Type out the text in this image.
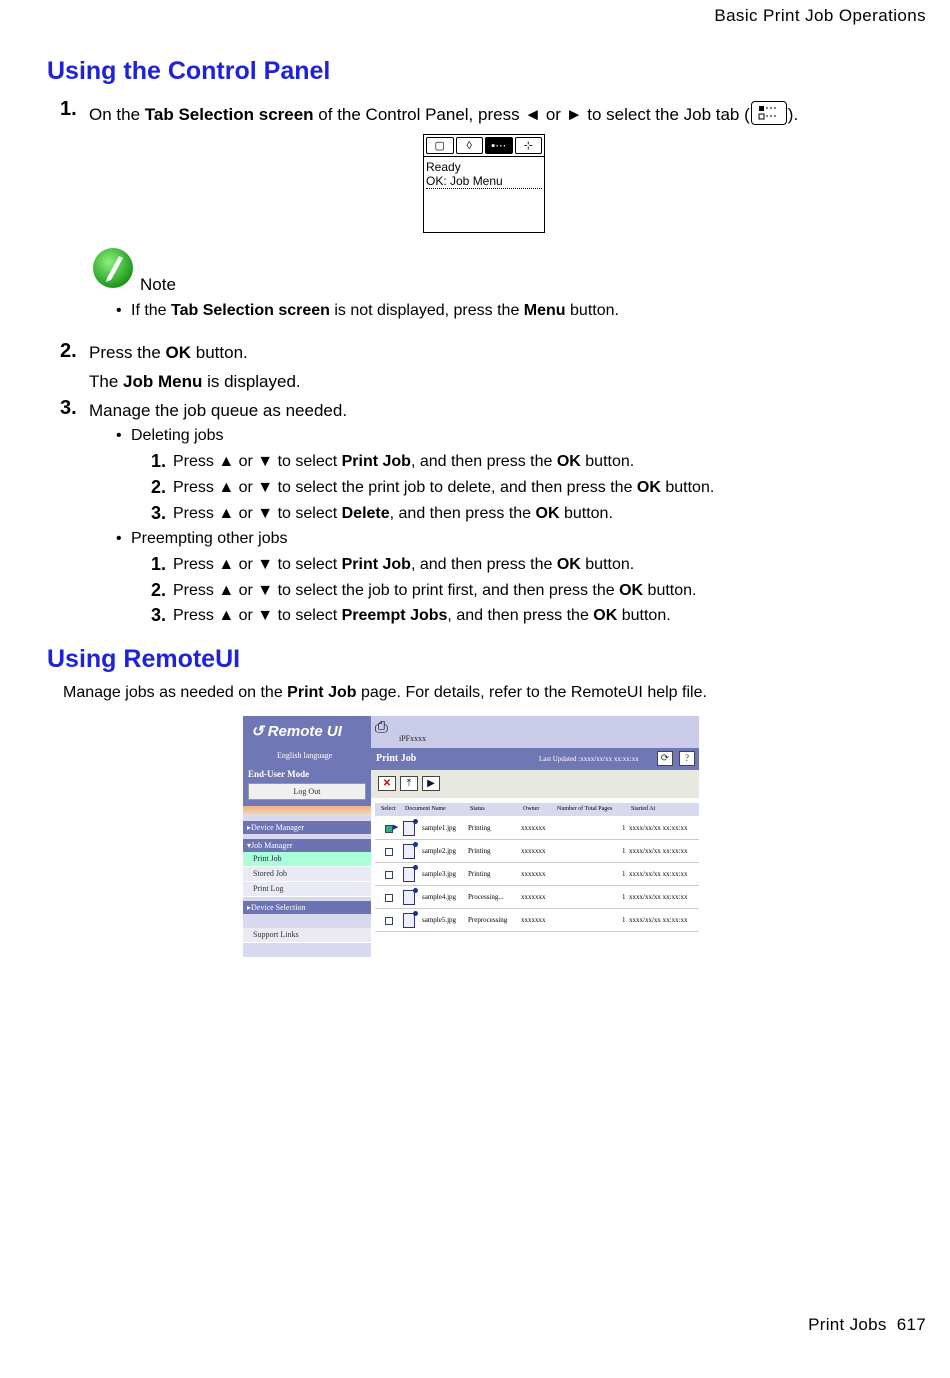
Basic Print Job Operations
Using the Control Panel
1. On the Tab Selection screen of the Control Panel, press ◄ or ► to select the Job tab ( ).
▢	◊	▪⋯	⊹
Ready
OK: Job Menu
Note
• If the Tab Selection screen is not displayed, press the Menu button.
2. Press the OK button.
The Job Menu is displayed.
3. Manage the job queue as needed.
• Deleting jobs
1. Press ▲ or ▼ to select Print Job, and then press the OK button.
2. Press ▲ or ▼ to select the print job to delete, and then press the OK button.
3. Press ▲ or ▼ to select Delete, and then press the OK button.
• Preempting other jobs
1. Press ▲ or ▼ to select Print Job, and then press the OK button.
2. Press ▲ or ▼ to select the job to print first, and then press the OK button.
3. Press ▲ or ▼ to select Preempt Jobs, and then press the OK button.
Using RemoteUI
Manage jobs as needed on the Print Job page. For details, refer to the RemoteUI help file.
↺ Remote UI
English language
End-User Mode
Log Out
▸Device Manager
▾Job Manager
Print Job
Stored Job
Print Log
▸Device Selection
Support Links
⎙
iPFxxxx
Print Job	Last Updated :xxxx/xx/xx xx:xx:xx	⟳	?
✕	⤒	▶
Select Document Name	Status	Owner	Number of Total Pages	Started At
▶	sample1.jpg Printing	xxxxxxx	1 xxxx/xx/xx xx:xx:xx
sample2.jpg Printing	xxxxxxx	1 xxxx/xx/xx xx:xx:xx
sample3.jpg Printing	xxxxxxx	1 xxxx/xx/xx xx:xx:xx
sample4.jpg Processing... xxxxxxx	1 xxxx/xx/xx xx:xx:xx
sample5.jpg Preprocessing xxxxxxx	1 xxxx/xx/xx xx:xx:xx
Print Jobs 617
